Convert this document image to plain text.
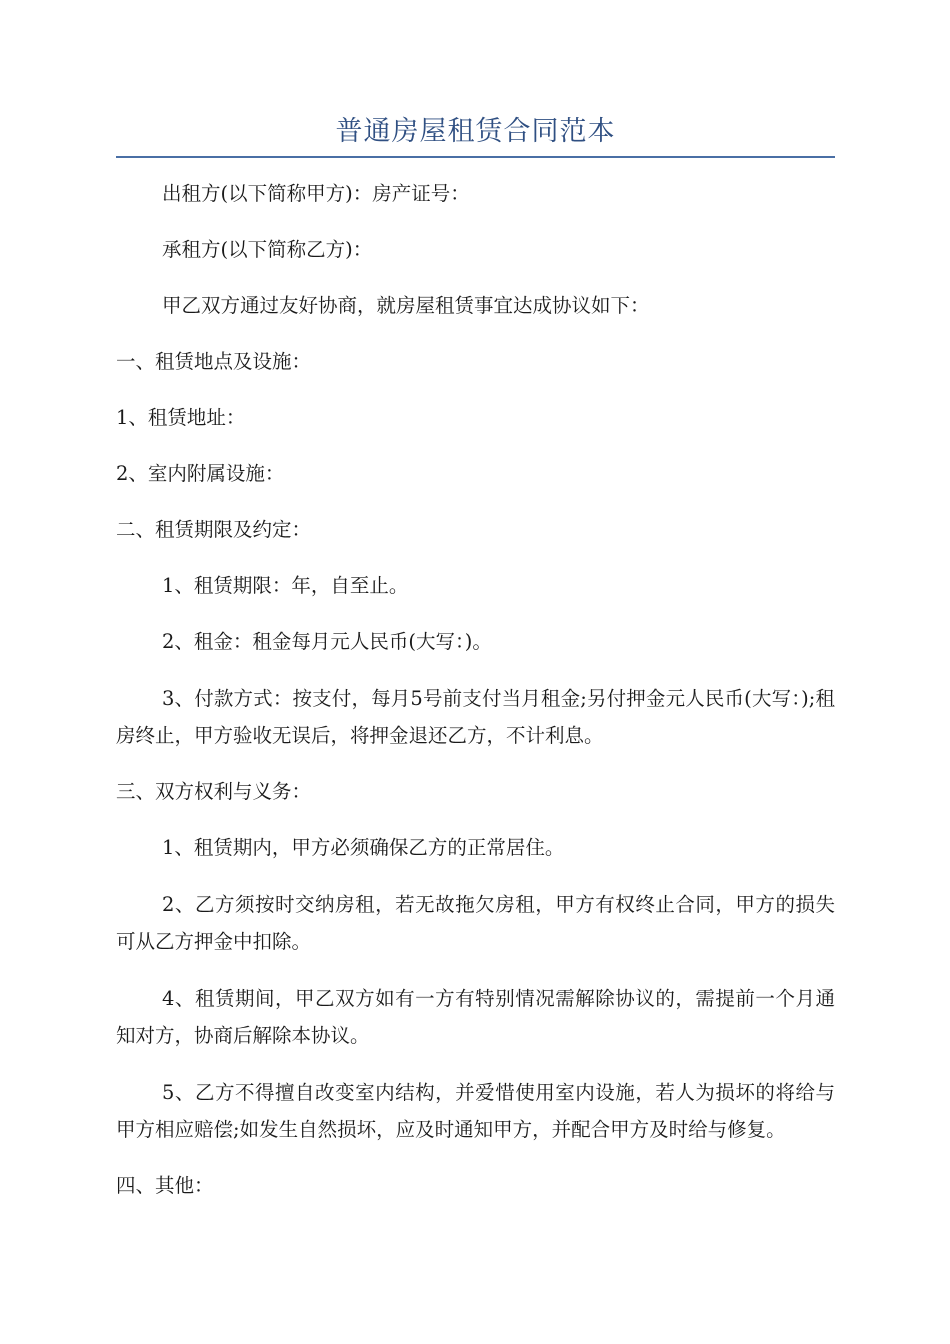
普通房屋租赁合同范本

出租方(以下简称甲方)：房产证号：

承租方(以下简称乙方)：

甲乙双方通过友好协商，就房屋租赁事宜达成协议如下：

一、租赁地点及设施：

1、租赁地址：

2、室内附属设施：

二、租赁期限及约定：

1、租赁期限：年，自至止。

2、租金：租金每月元人民币(大写：)。

3、付款方式：按支付，每月5号前支付当月租金;另付押金元人民币(大写：);租房终止，甲方验收无误后，将押金退还乙方，不计利息。

三、双方权利与义务：

1、租赁期内，甲方必须确保乙方的正常居住。

2、乙方须按时交纳房租，若无故拖欠房租，甲方有权终止合同，甲方的损失可从乙方押金中扣除。

4、租赁期间，甲乙双方如有一方有特别情况需解除协议的，需提前一个月通知对方，协商后解除本协议。

5、乙方不得擅自改变室内结构，并爱惜使用室内设施，若人为损坏的将给与甲方相应赔偿;如发生自然损坏，应及时通知甲方，并配合甲方及时给与修复。

四、其他：
